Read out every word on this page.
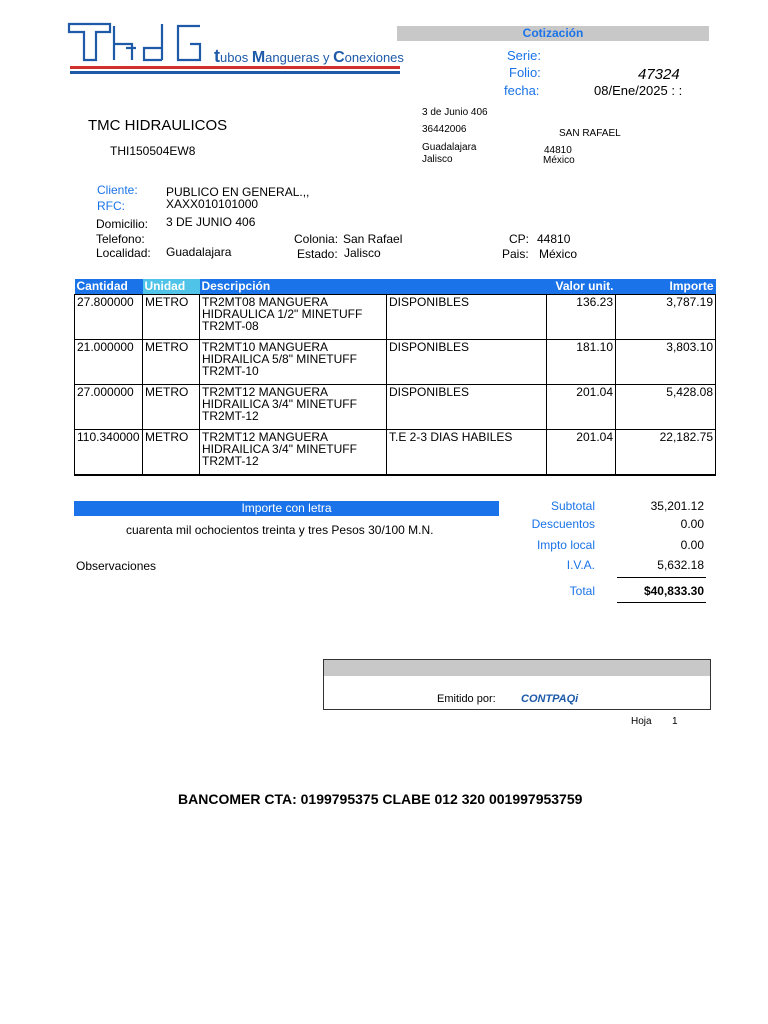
tubos Mangueras y Conexiones
Cotización
Serie:
Folio:	47324
fecha:	08/Ene/2025 : :
TMC HIDRAULICOS
THI150504EW8
3 de Junio 406
36442006
Guadalajara
Jalisco
SAN RAFAEL
44810
México
Cliente: PUBLICO EN GENERAL.,,
RFC:	XAXX010101000
Domicilio: 3 DE JUNIO 406
Telefono:
Localidad: Guadalajara
Colonia: San Rafael
Estado: Jalisco
CP: 44810
Pais: México
Cantidad	Unidad	Descripción		Valor unit.	Importe
27.800000	METRO	TR2MT08 MANGUERA HIDRAULICA 1/2" MINETUFF TR2MT-08	DISPONIBLES	136.23	3,787.19
21.000000	METRO	TR2MT10 MANGUERA HIDRAILICA 5/8" MINETUFF TR2MT-10	DISPONIBLES	181.10	3,803.10
27.000000	METRO	TR2MT12 MANGUERA HIDRAILICA 3/4" MINETUFF TR2MT-12	DISPONIBLES	201.04	5,428.08
110.340000	METRO	TR2MT12 MANGUERA HIDRAILICA 3/4" MINETUFF TR2MT-12	T.E 2-3 DIAS HABILES	201.04	22,182.75
Importe con letra
cuarenta mil ochocientos treinta y tres Pesos 30/100 M.N.
Observaciones
Subtotal	35,201.12
Descuentos	0.00
Impto local	0.00
I.V.A.	5,632.18
Total	$40,833.30
Emitido por: CONTPAQi
Hoja 1
BANCOMER CTA: 0199795375 CLABE 012 320 001997953759
